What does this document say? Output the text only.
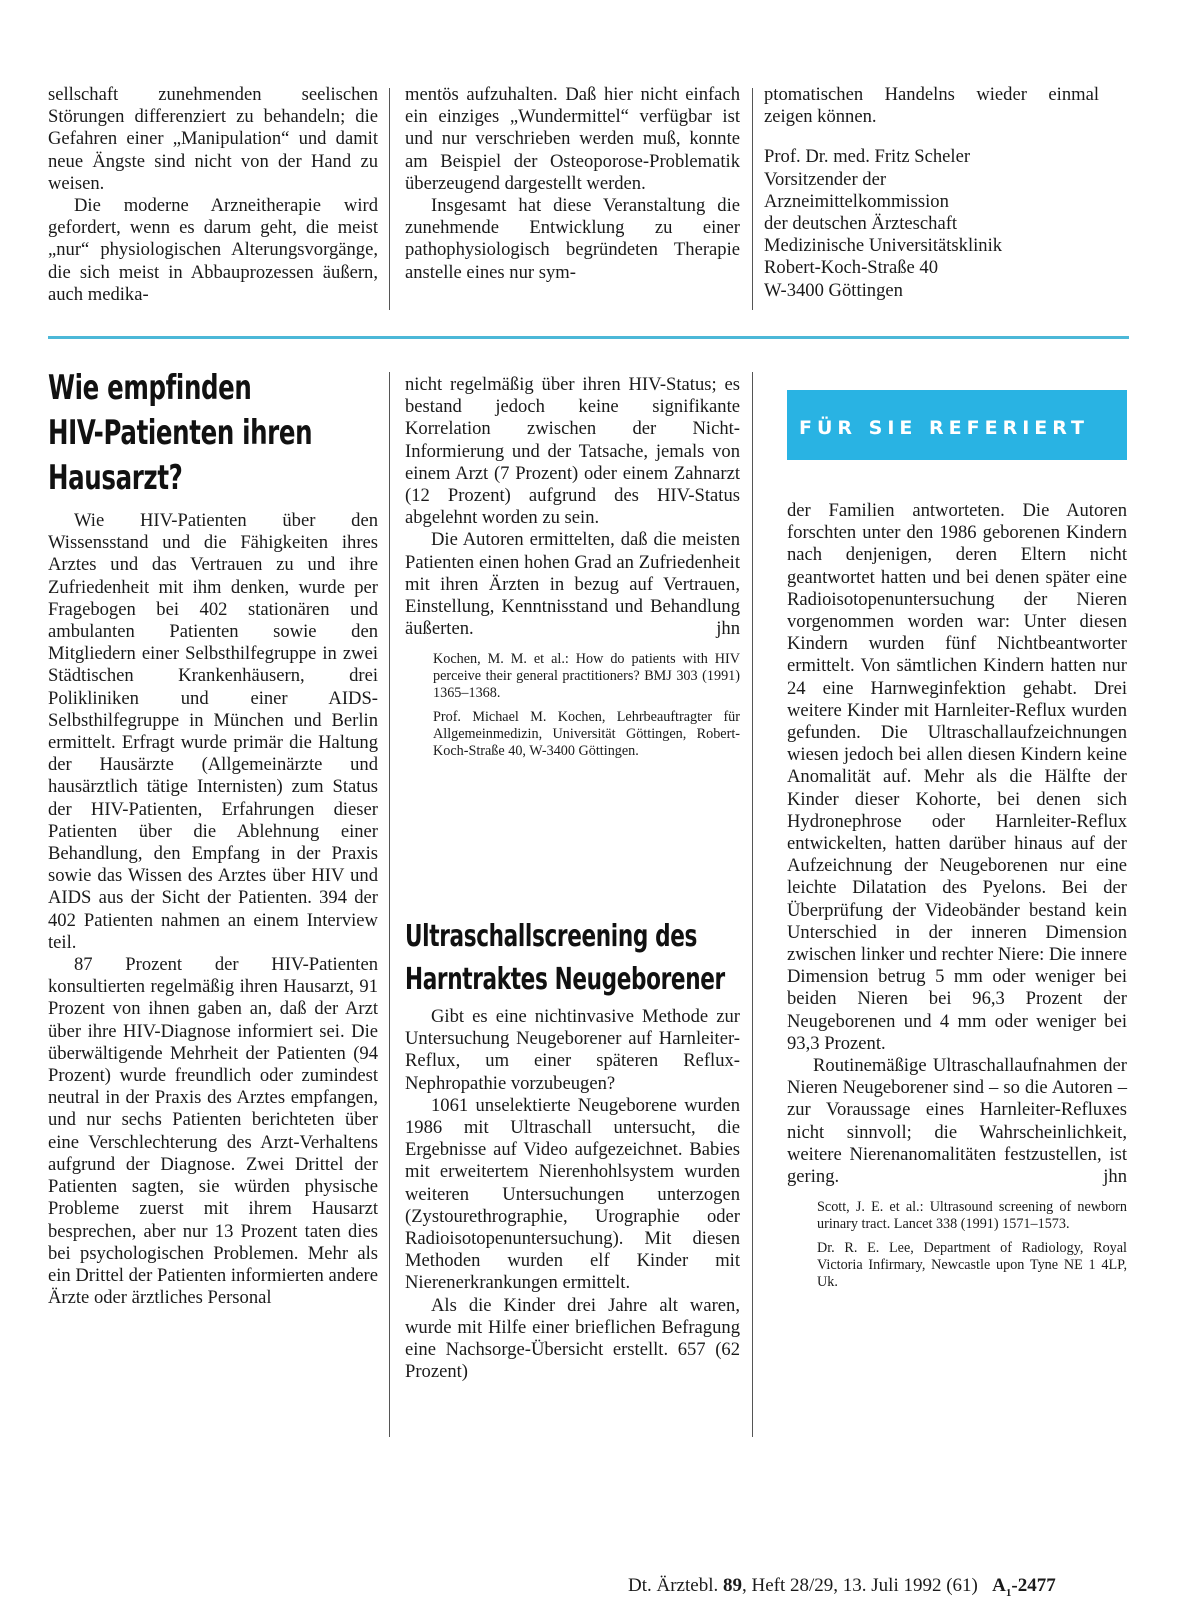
sellschaft zunehmenden seelischen Störungen differenziert zu behandeln; die Gefahren einer „Manipulation“ und damit neue Ängste sind nicht von der Hand zu weisen.

Die moderne Arzneitherapie wird gefordert, wenn es darum geht, die meist „nur“ physiologischen Alterungsvorgänge, die sich meist in Abbauprozessen äußern, auch medika-

mentös aufzuhalten. Daß hier nicht einfach ein einziges „Wundermittel“ verfügbar ist und nur verschrieben werden muß, konnte am Beispiel der Osteoporose-Problematik überzeugend dargestellt werden.

Insgesamt hat diese Veranstaltung die zunehmende Entwicklung zu einer pathophysiologisch begründeten Therapie anstelle eines nur sym-

ptomatischen Handelns wieder einmal zeigen können.

Prof. Dr. med. Fritz Scheler
Vorsitzender der
Arzneimittelkommission
der deutschen Ärzteschaft
Medizinische Universitätsklinik
Robert-Koch-Straße 40
W-3400 Göttingen
Wie empfinden
HIV-Patienten ihren
Hausarzt?

Wie HIV-Patienten über den Wissensstand und die Fähigkeiten ihres Arztes und das Vertrauen zu und ihre Zufriedenheit mit ihm denken, wurde per Fragebogen bei 402 stationären und ambulanten Patienten sowie den Mitgliedern einer Selbsthilfegruppe in zwei Städtischen Krankenhäusern, drei Polikliniken und einer AIDS-Selbsthilfegruppe in München und Berlin ermittelt. Erfragt wurde primär die Haltung der Hausärzte (Allgemeinärzte und hausärztlich tätige Internisten) zum Status der HIV-Patienten, Erfahrungen dieser Patienten über die Ablehnung einer Behandlung, den Empfang in der Praxis sowie das Wissen des Arztes über HIV und AIDS aus der Sicht der Patienten. 394 der 402 Patienten nahmen an einem Interview teil.

87 Prozent der HIV-Patienten konsultierten regelmäßig ihren Hausarzt, 91 Prozent von ihnen gaben an, daß der Arzt über ihre HIV-Diagnose informiert sei. Die überwältigende Mehrheit der Patienten (94 Prozent) wurde freundlich oder zumindest neutral in der Praxis des Arztes empfangen, und nur sechs Patienten berichteten über eine Verschlechterung des Arzt-Verhaltens aufgrund der Diagnose. Zwei Drittel der Patienten sagten, sie würden physische Probleme zuerst mit ihrem Hausarzt besprechen, aber nur 13 Prozent taten dies bei psychologischen Problemen. Mehr als ein Drittel der Patienten informierten andere Ärzte oder ärztliches Personal

nicht regelmäßig über ihren HIV-Status; es bestand jedoch keine signifikante Korrelation zwischen der Nicht-Informierung und der Tatsache, jemals von einem Arzt (7 Prozent) oder einem Zahnarzt (12 Prozent) aufgrund des HIV-Status abgelehnt worden zu sein.

Die Autoren ermittelten, daß die meisten Patienten einen hohen Grad an Zufriedenheit mit ihren Ärzten in bezug auf Vertrauen, Einstellung, Kenntnisstand und Behandlung äußerten.	jhn

Kochen, M. M. et al.: How do patients with HIV perceive their general practitioners? BMJ 303 (1991) 1365–1368.

Prof. Michael M. Kochen, Lehrbeauftragter für Allgemeinmedizin, Universität Göttingen, Robert-Koch-Straße 40, W-3400 Göttingen.

Ultraschallscreening des
Harntraktes Neugeborener

Gibt es eine nichtinvasive Methode zur Untersuchung Neugeborener auf Harnleiter-Reflux, um einer späteren Reflux-Nephropathie vorzubeugen?

1061 unselektierte Neugeborene wurden 1986 mit Ultraschall untersucht, die Ergebnisse auf Video aufgezeichnet. Babies mit erweitertem Nierenhohlsystem wurden weiteren Untersuchungen unterzogen (Zystourethrographie, Urographie oder Radioisotopenuntersuchung). Mit diesen Methoden wurden elf Kinder mit Nierenerkrankungen ermittelt.

Als die Kinder drei Jahre alt waren, wurde mit Hilfe einer brieflichen Befragung eine Nachsorge-Übersicht erstellt. 657 (62 Prozent)

FÜR SIE REFERIERT

der Familien antworteten. Die Autoren forschten unter den 1986 geborenen Kindern nach denjenigen, deren Eltern nicht geantwortet hatten und bei denen später eine Radioisotopenuntersuchung der Nieren vorgenommen worden war: Unter diesen Kindern wurden fünf Nichtbeantworter ermittelt. Von sämtlichen Kindern hatten nur 24 eine Harnweginfektion gehabt. Drei weitere Kinder mit Harnleiter-Reflux wurden gefunden. Die Ultraschallaufzeichnungen wiesen jedoch bei allen diesen Kindern keine Anomalität auf. Mehr als die Hälfte der Kinder dieser Kohorte, bei denen sich Hydronephrose oder Harnleiter-Reflux entwickelten, hatten darüber hinaus auf der Aufzeichnung der Neugeborenen nur eine leichte Dilatation des Pyelons. Bei der Überprüfung der Videobänder bestand kein Unterschied in der inneren Dimension zwischen linker und rechter Niere: Die innere Dimension betrug 5 mm oder weniger bei beiden Nieren bei 96,3 Prozent der Neugeborenen und 4 mm oder weniger bei 93,3 Prozent.

Routinemäßige Ultraschallaufnahmen der Nieren Neugeborener sind – so die Autoren – zur Voraussage eines Harnleiter-Refluxes nicht sinnvoll; die Wahrscheinlichkeit, weitere Nierenanomalitäten festzustellen, ist gering.	jhn

Scott, J. E. et al.: Ultrasound screening of newborn urinary tract. Lancet 338 (1991) 1571–1573.

Dr. R. E. Lee, Department of Radiology, Royal Victoria Infirmary, Newcastle upon Tyne NE 1 4LP, Uk.

Dt. Ärztebl. 89, Heft 28/29, 13. Juli 1992 (61) $A_1-2477$
